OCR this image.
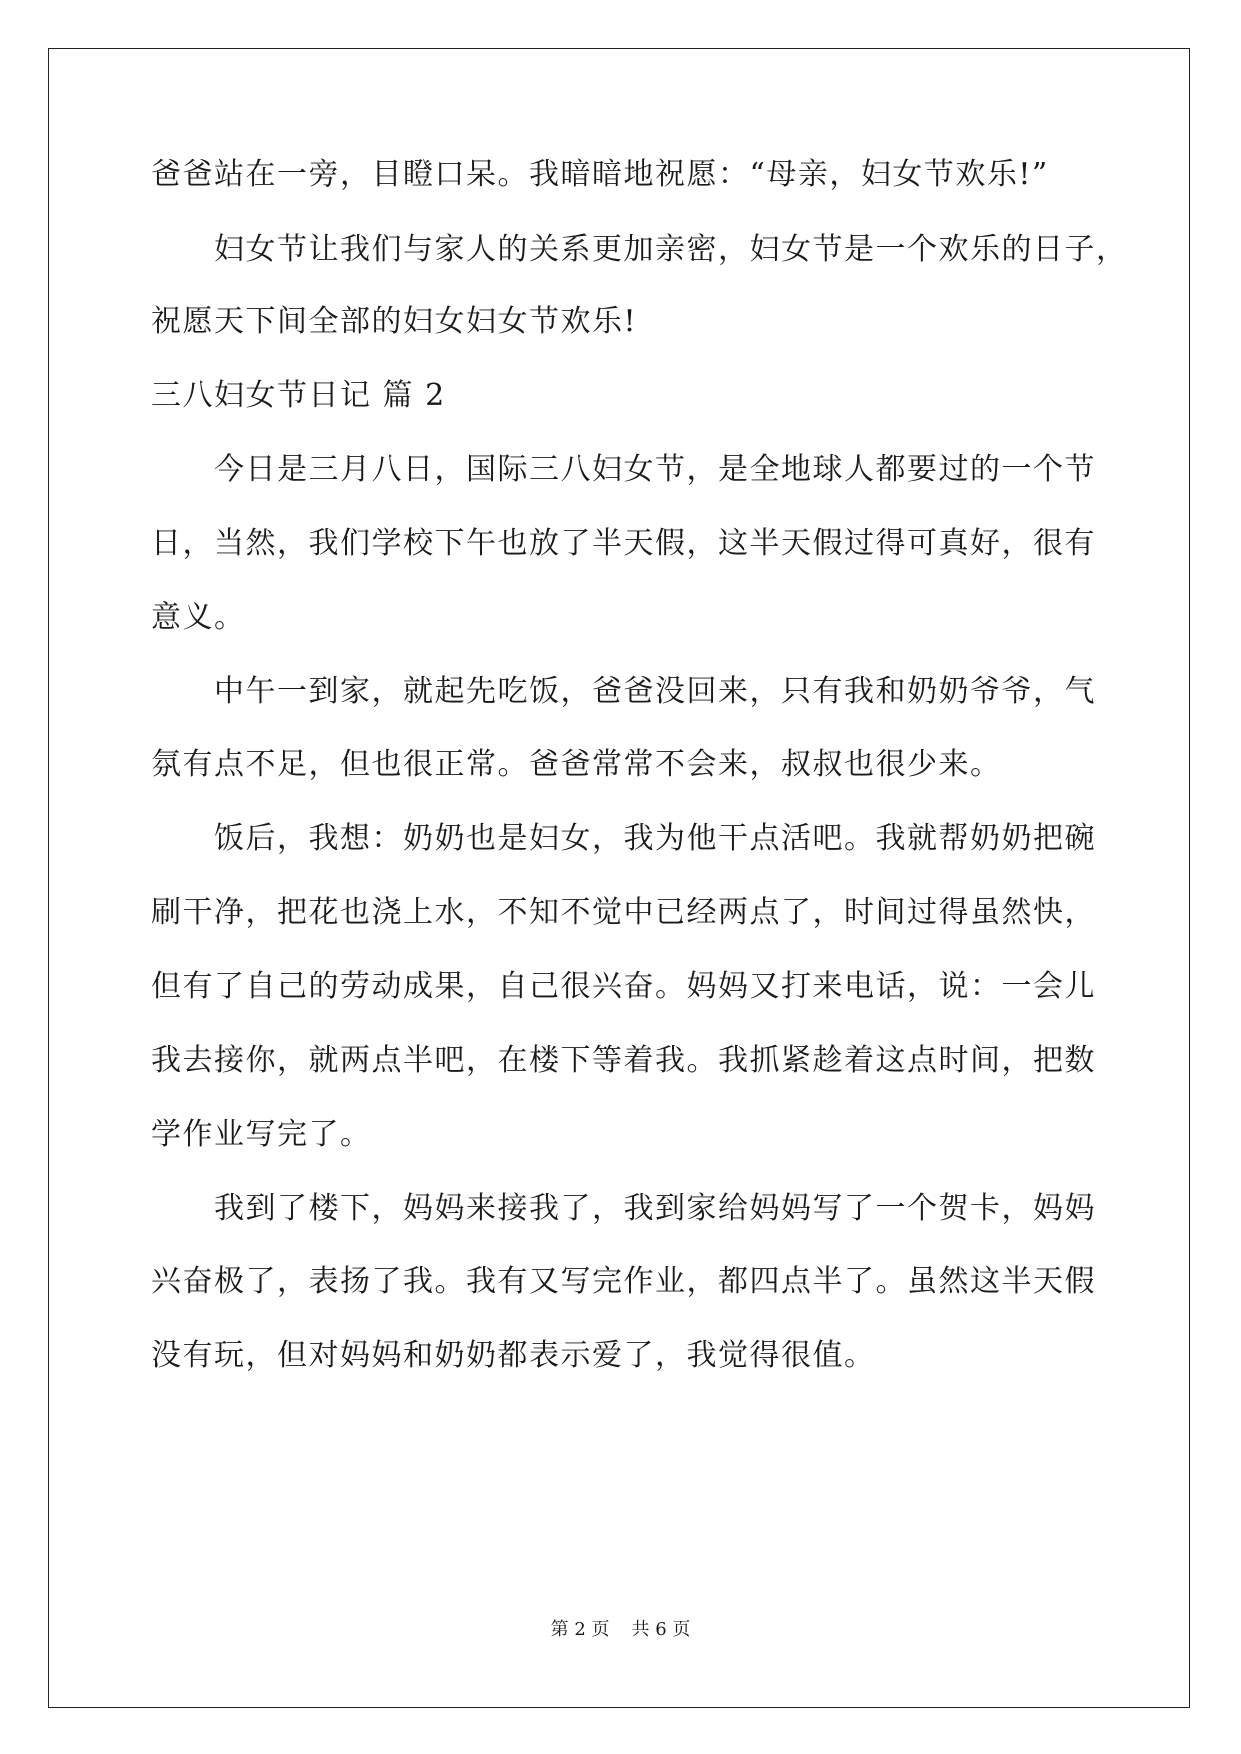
爸爸站在一旁，目瞪口呆。我暗暗地祝愿：“母亲，妇女节欢乐!”
妇女节让我们与家人的关系更加亲密，妇女节是一个欢乐的日子，
祝愿天下间全部的妇女妇女节欢乐!
三八妇女节日记 篇 2
今日是三月八日，国际三八妇女节，是全地球人都要过的一个节
日，当然，我们学校下午也放了半天假，这半天假过得可真好，很有
意义。
中午一到家，就起先吃饭，爸爸没回来，只有我和奶奶爷爷，气
氛有点不足，但也很正常。爸爸常常不会来，叔叔也很少来。
饭后，我想：奶奶也是妇女，我为他干点活吧。我就帮奶奶把碗
刷干净，把花也浇上水，不知不觉中已经两点了，时间过得虽然快，
但有了自己的劳动成果，自己很兴奋。妈妈又打来电话，说：一会儿
我去接你，就两点半吧，在楼下等着我。我抓紧趁着这点时间，把数
学作业写完了。
我到了楼下，妈妈来接我了，我到家给妈妈写了一个贺卡，妈妈
兴奋极了，表扬了我。我有又写完作业，都四点半了。虽然这半天假
没有玩，但对妈妈和奶奶都表示爱了，我觉得很值。
第 2 页 共 6 页
